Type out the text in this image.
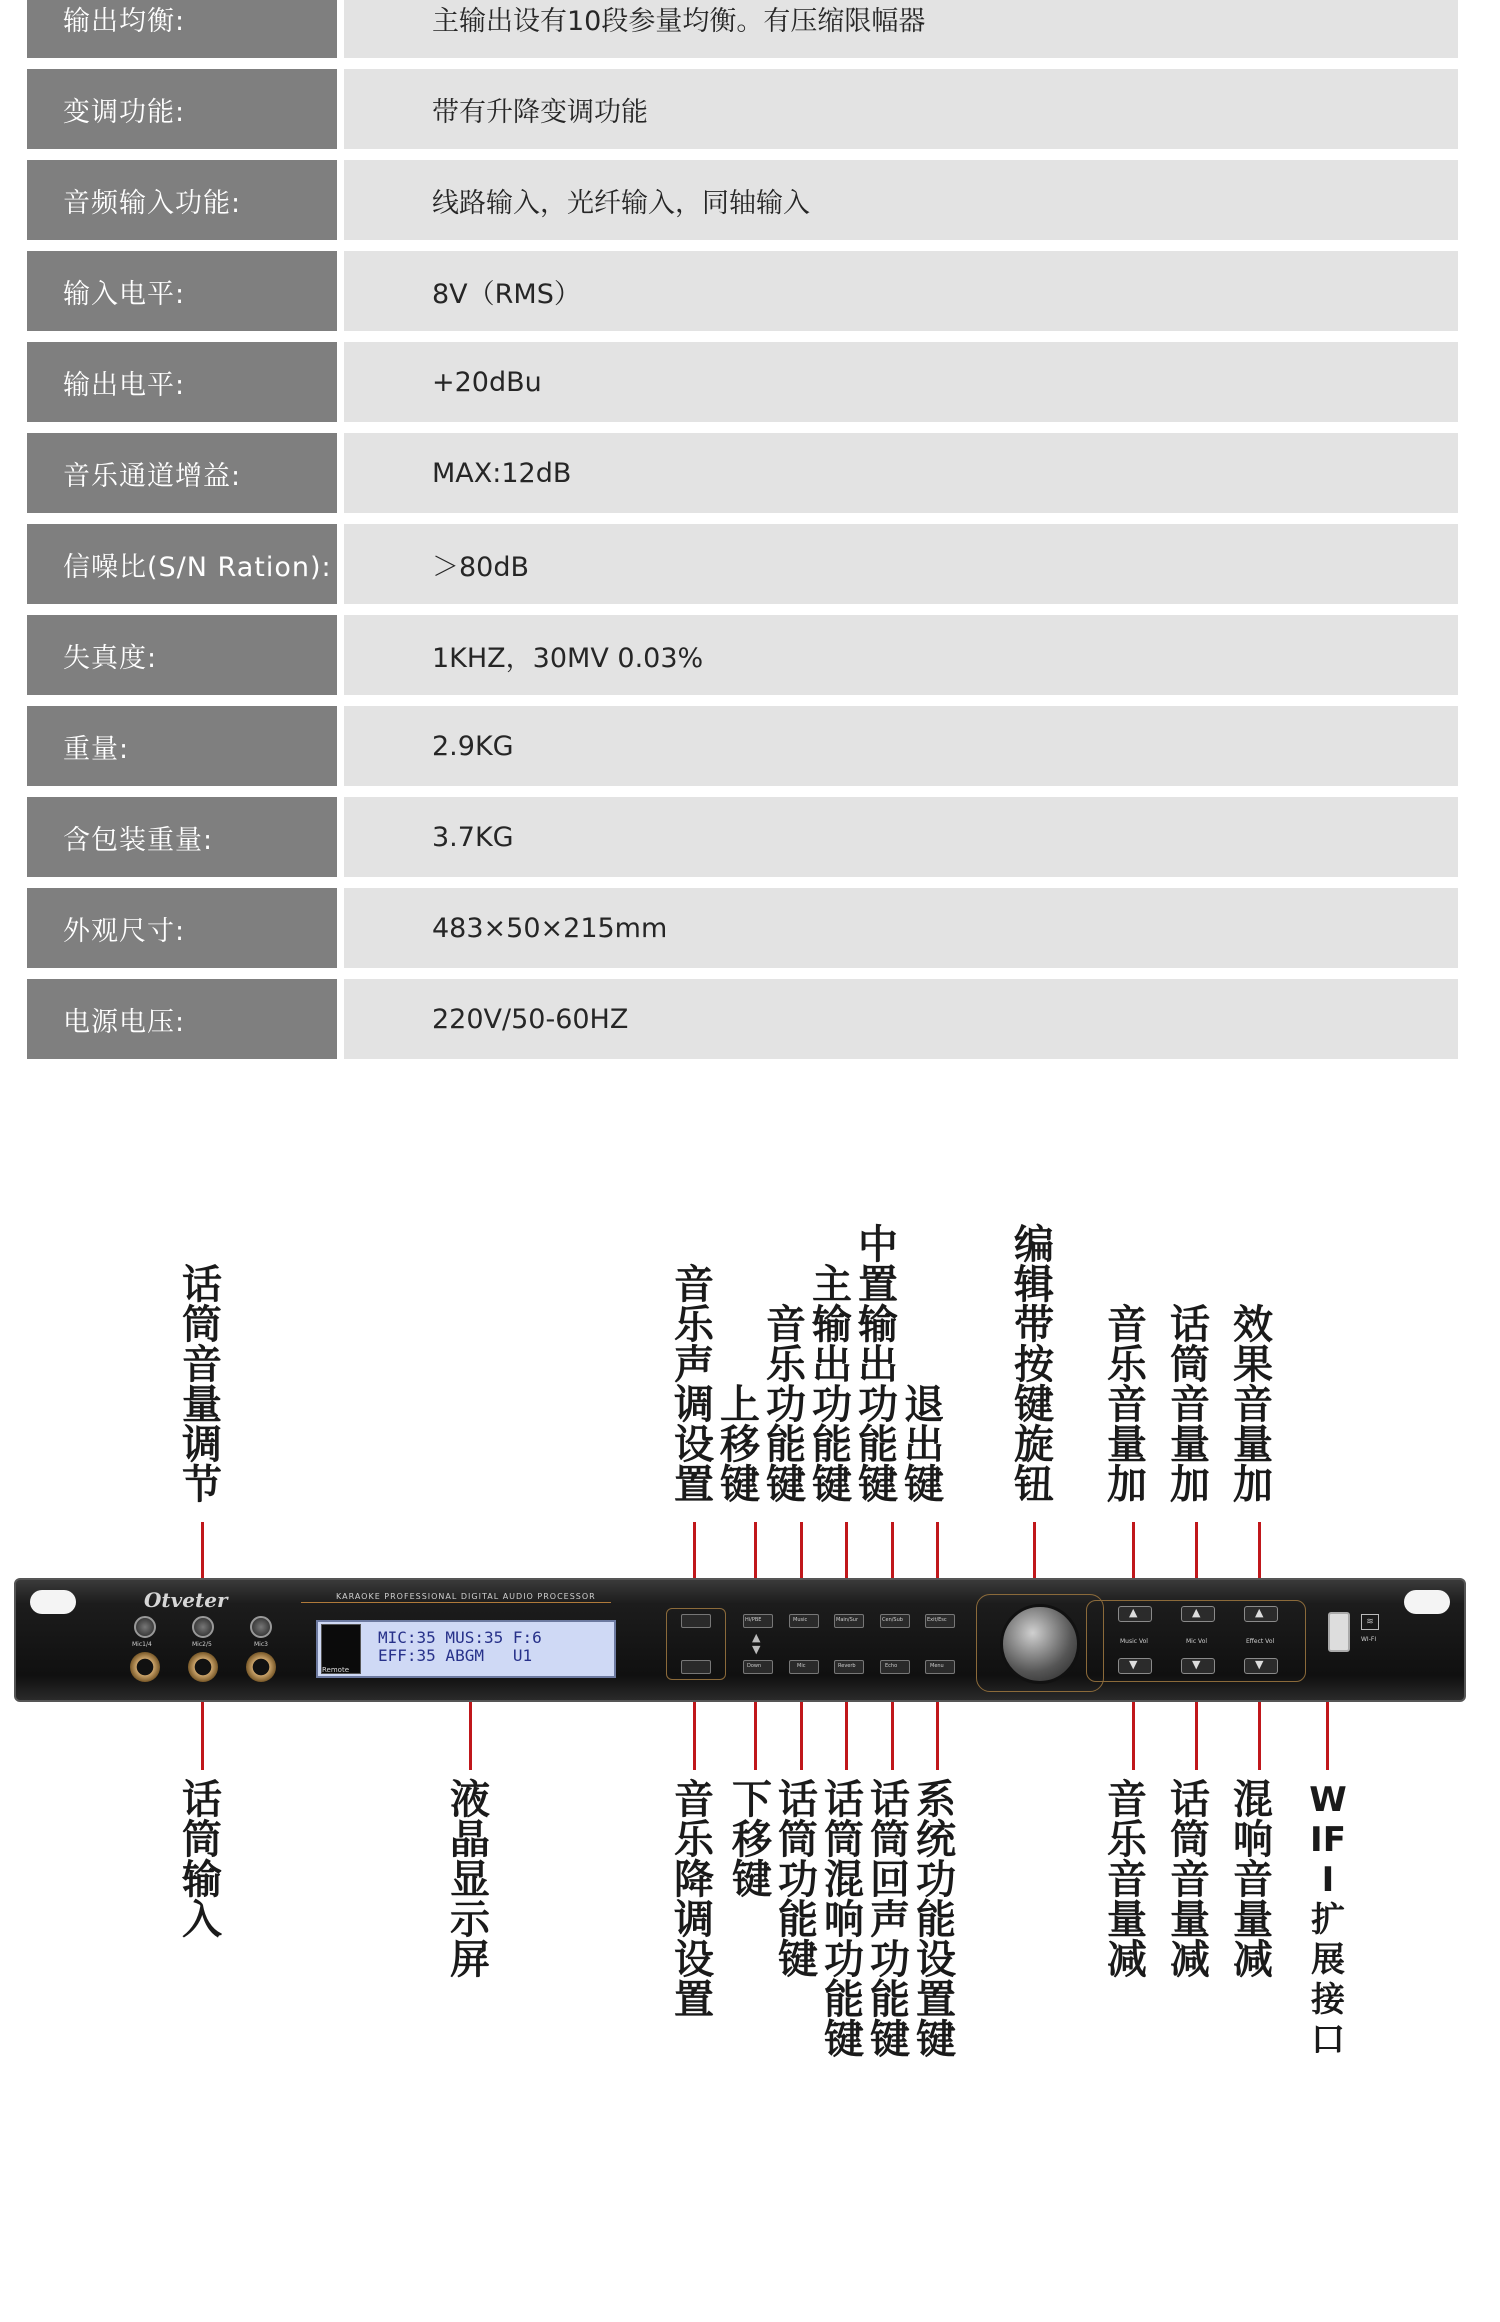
输出均衡:	主输出设有10段参量均衡。有压缩限幅器
变调功能:	带有升降变调功能
音频输入功能:	线路输入，光纤输入，同轴输入
输入电平:	8V（RMS）
输出电平:	+20dBu
音乐通道增益:	MAX:12dB
信噪比(S/N Ration):	＞80dB
失真度:	1KHZ，30MV 0.03%
重量:	2.9KG
含包装重量:	3.7KG
外观尺寸:	483×50×215mm
电源电压:	220V/50-60HZ
话筒音量调节
音乐声调设置
上移键
音乐功能键
主输出功能键
中置输出功能键
退出键
编辑带按键旋钮
音乐音量加
话筒音量加
效果音量加
话筒输入
液晶显示屏
音乐降调设置
下移键
话筒功能键
话筒混响功能键
话筒回声功能键
系统功能设置键
音乐音量减
话筒音量减
混响音量减
WIFI扩展接口
Otveter	KARAOKE PROFESSIONAL DIGITAL AUDIO PROCESSOR
Mic1/4	Mic2/5	Mic3	MIC:35 MUS:35 F:6
EFF:35 ABGM   U1
Remote
Hi/PBE	Music	Main/Sur	Cen/Sub	Exit/Esc
Down	Mic	Reverb	Echo	Menu
▲
▼
▲	▲	▲
▼	▼	▼
Music Vol	Mic Vol	Effect Vol
≋
WI-FI
